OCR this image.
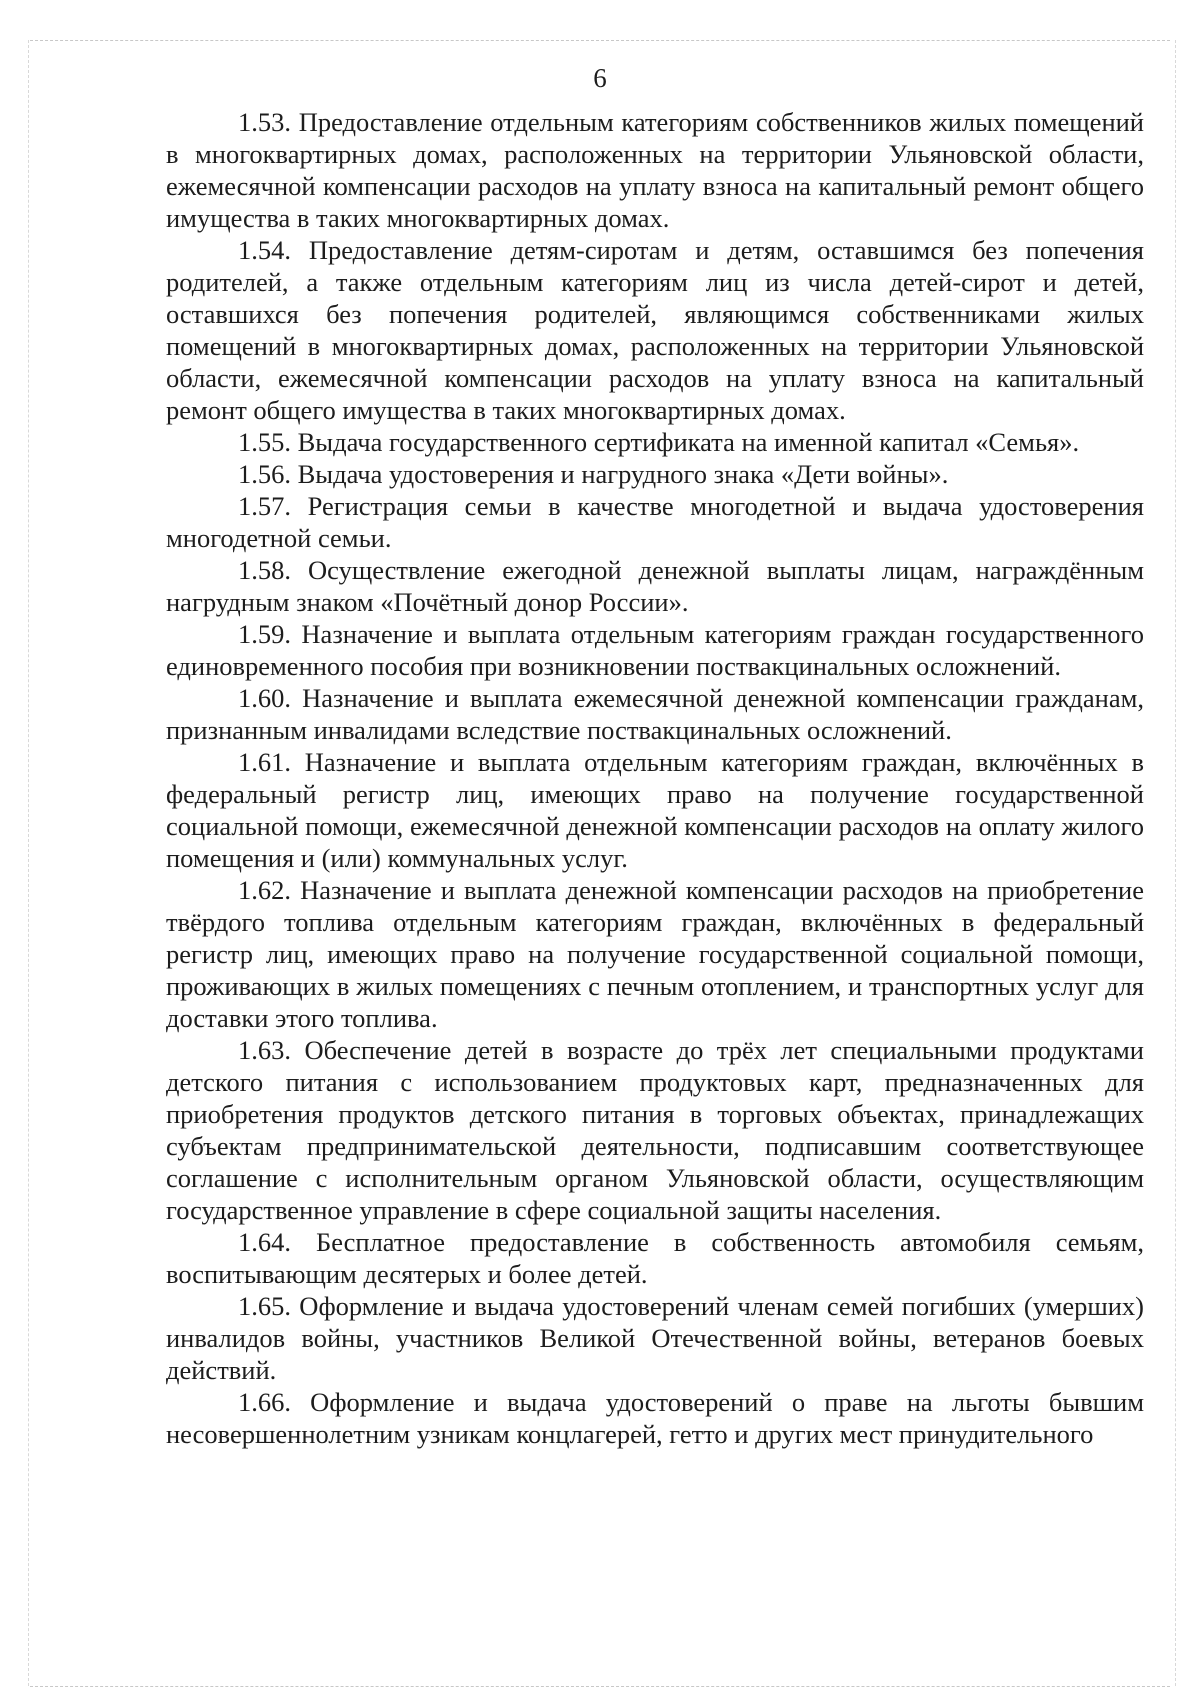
6

1.53. Предоставление отдельным категориям собственников жилых помещений в многоквартирных домах, расположенных на территории Ульяновской области, ежемесячной компенсации расходов на уплату взноса на капитальный ремонт общего имущества в таких многоквартирных домах.

1.54. Предоставление детям-сиротам и детям, оставшимся без попечения родителей, а также отдельным категориям лиц из числа детей-сирот и детей, оставшихся без попечения родителей, являющимся собственниками жилых помещений в многоквартирных домах, расположенных на территории Ульяновской области, ежемесячной компенсации расходов на уплату взноса на капитальный ремонт общего имущества в таких многоквартирных домах.

1.55. Выдача государственного сертификата на именной капитал «Семья».

1.56. Выдача удостоверения и нагрудного знака «Дети войны».

1.57. Регистрация семьи в качестве многодетной и выдача удостоверения многодетной семьи.

1.58. Осуществление ежегодной денежной выплаты лицам, награждённым нагрудным знаком «Почётный донор России».

1.59. Назначение и выплата отдельным категориям граждан государственного единовременного пособия при возникновении поствакцинальных осложнений.

1.60. Назначение и выплата ежемесячной денежной компенсации гражданам, признанным инвалидами вследствие поствакцинальных осложнений.

1.61. Назначение и выплата отдельным категориям граждан, включённых в федеральный регистр лиц, имеющих право на получение государственной социальной помощи, ежемесячной денежной компенсации расходов на оплату жилого помещения и (или) коммунальных услуг.

1.62. Назначение и выплата денежной компенсации расходов на приобретение твёрдого топлива отдельным категориям граждан, включённых в федеральный регистр лиц, имеющих право на получение государственной социальной помощи, проживающих в жилых помещениях с печным отоплением, и транспортных услуг для доставки этого топлива.

1.63. Обеспечение детей в возрасте до трёх лет специальными продуктами детского питания с использованием продуктовых карт, предназначенных для приобретения продуктов детского питания в торговых объектах, принадлежащих субъектам предпринимательской деятельности, подписавшим соответствующее соглашение с исполнительным органом Ульяновской области, осуществляющим государственное управление в сфере социальной защиты населения.

1.64. Бесплатное предоставление в собственность автомобиля семьям, воспитывающим десятерых и более детей.

1.65. Оформление и выдача удостоверений членам семей погибших (умерших) инвалидов войны, участников Великой Отечественной войны, ветеранов боевых действий.

1.66. Оформление и выдача удостоверений о праве на льготы бывшим несовершеннолетним узникам концлагерей, гетто и других мест принудительного
